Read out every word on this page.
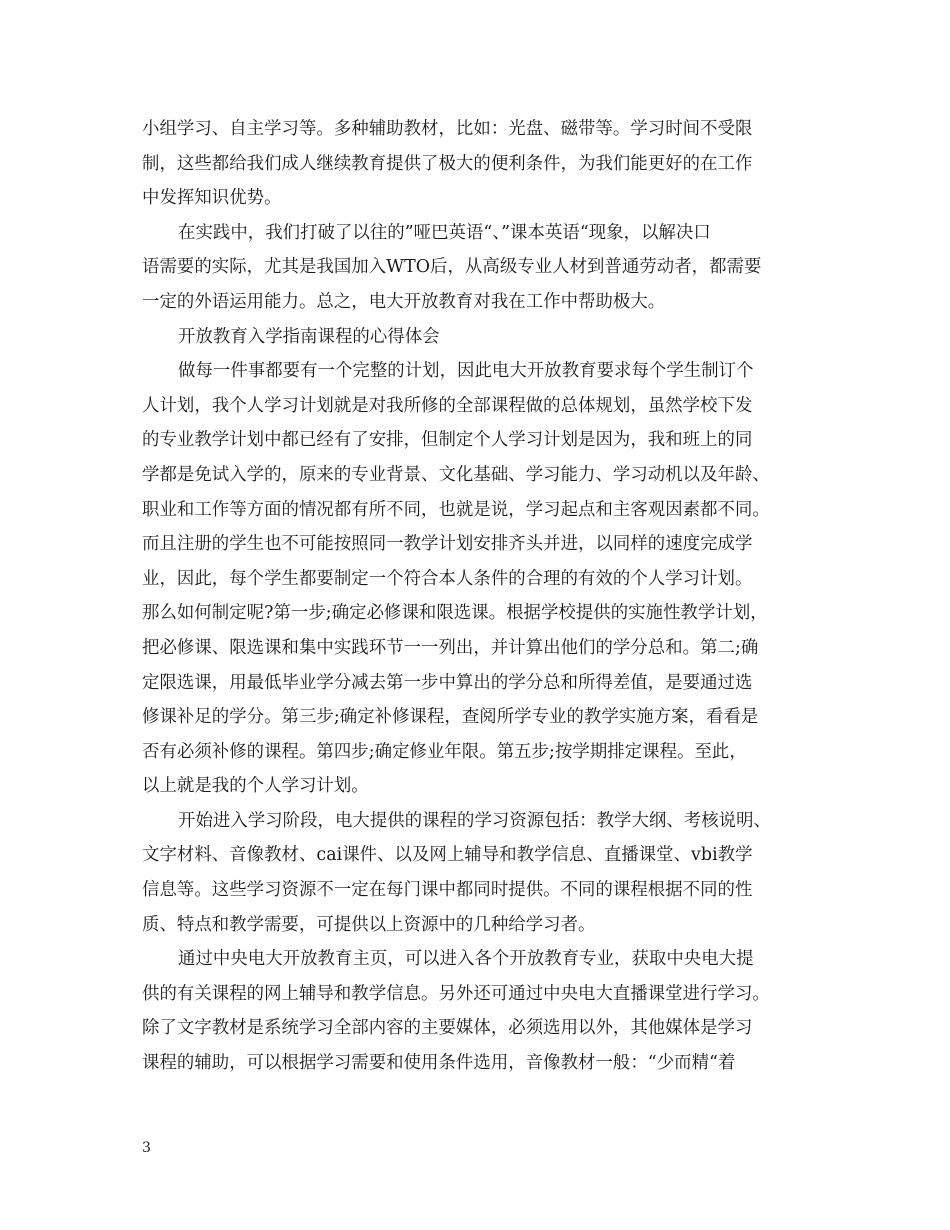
小组学习、自主学习等。多种辅助教材，比如：光盘、磁带等。学习时间不受限
制，这些都给我们成人继续教育提供了极大的便利条件，为我们能更好的在工作
中发挥知识优势。
在实践中，我们打破了以往的”哑巴英语“、”课本英语“现象，以解决口
语需要的实际，尤其是我国加入WTO后，从高级专业人材到普通劳动者，都需要
一定的外语运用能力。总之，电大开放教育对我在工作中帮助极大。
开放教育入学指南课程的心得体会
做每一件事都要有一个完整的计划，因此电大开放教育要求每个学生制订个
人计划，我个人学习计划就是对我所修的全部课程做的总体规划，虽然学校下发
的专业教学计划中都已经有了安排，但制定个人学习计划是因为，我和班上的同
学都是免试入学的，原来的专业背景、文化基础、学习能力、学习动机以及年龄、
职业和工作等方面的情况都有所不同，也就是说，学习起点和主客观因素都不同。
而且注册的学生也不可能按照同一教学计划安排齐头并进，以同样的速度完成学
业，因此，每个学生都要制定一个符合本人条件的合理的有效的个人学习计划。
那么如何制定呢?第一步;确定必修课和限选课。根据学校提供的实施性教学计划，
把必修课、限选课和集中实践环节一一列出，并计算出他们的学分总和。第二;确
定限选课，用最低毕业学分减去第一步中算出的学分总和所得差值，是要通过选
修课补足的学分。第三步;确定补修课程，查阅所学专业的教学实施方案，看看是
否有必须补修的课程。第四步;确定修业年限。第五步;按学期排定课程。至此，
以上就是我的个人学习计划。
开始进入学习阶段，电大提供的课程的学习资源包括：教学大纲、考核说明、
文字材料、音像教材、cai课件、以及网上辅导和教学信息、直播课堂、vbi教学
信息等。这些学习资源不一定在每门课中都同时提供。不同的课程根据不同的性
质、特点和教学需要，可提供以上资源中的几种给学习者。
通过中央电大开放教育主页，可以进入各个开放教育专业，获取中央电大提
供的有关课程的网上辅导和教学信息。另外还可通过中央电大直播课堂进行学习。
除了文字教材是系统学习全部内容的主要媒体，必须选用以外，其他媒体是学习
课程的辅助，可以根据学习需要和使用条件选用，音像教材一般：“少而精“着
3
